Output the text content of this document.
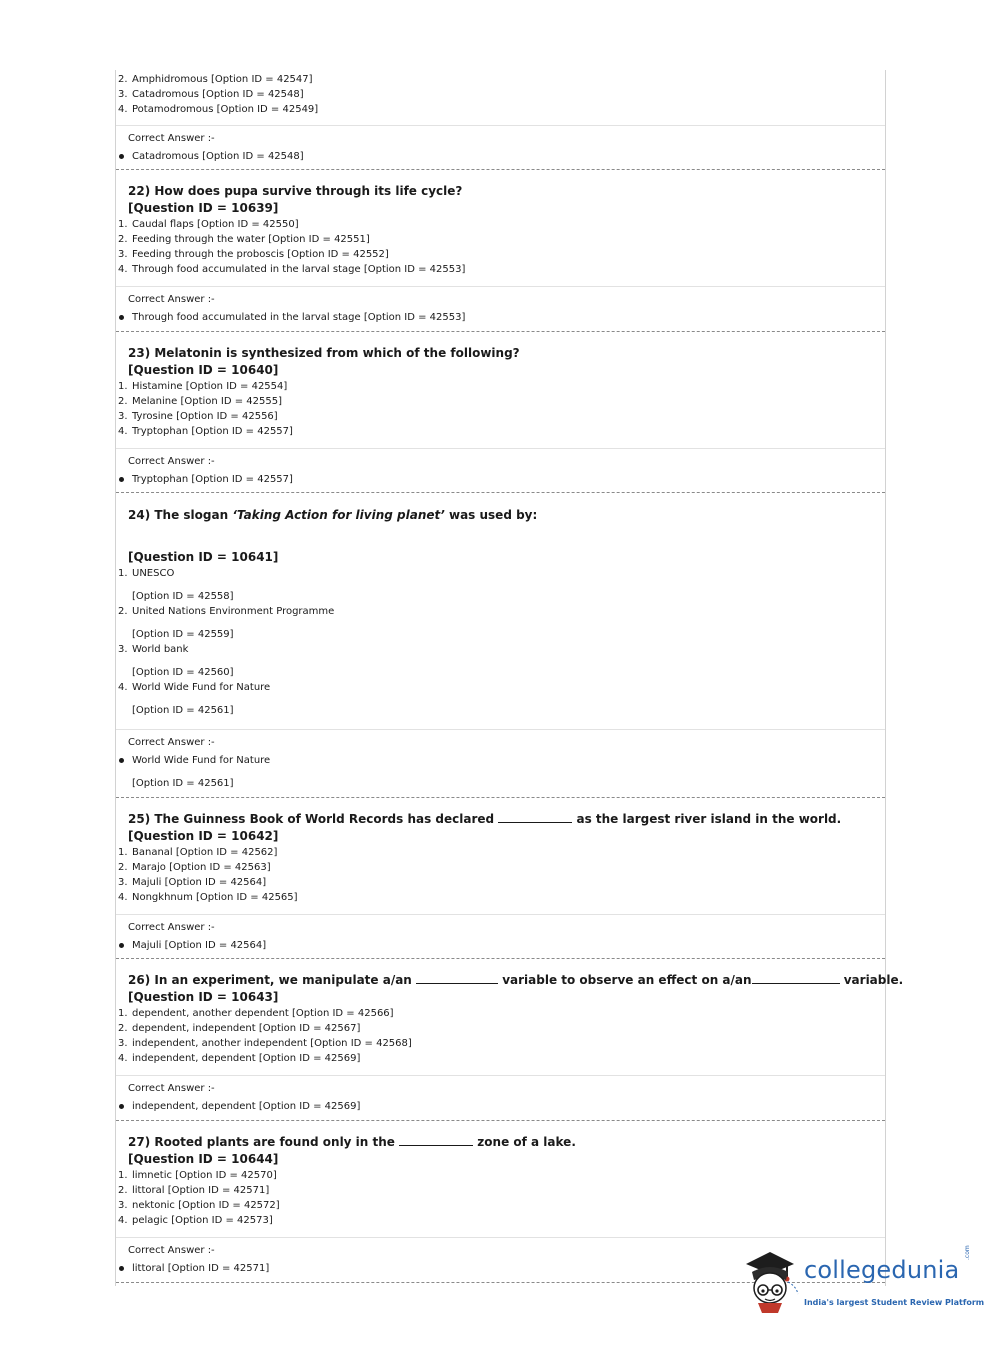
2. Amphidromous [Option ID = 42547]
3. Catadromous [Option ID = 42548]
4. Potamodromous [Option ID = 42549]
Correct Answer :-
Catadromous [Option ID = 42548]
22) How does pupa survive through its life cycle?
[Question ID = 10639]
1. Caudal flaps [Option ID = 42550]
2. Feeding through the water [Option ID = 42551]
3. Feeding through the proboscis [Option ID = 42552]
4. Through food accumulated in the larval stage [Option ID = 42553]
Correct Answer :-
Through food accumulated in the larval stage [Option ID = 42553]
23) Melatonin is synthesized from which of the following?
[Question ID = 10640]
1. Histamine [Option ID = 42554]
2. Melanine [Option ID = 42555]
3. Tyrosine [Option ID = 42556]
4. Tryptophan [Option ID = 42557]
Correct Answer :-
Tryptophan [Option ID = 42557]
24) The slogan ‘Taking Action for living planet’ was used by:
[Question ID = 10641]
1. UNESCO
[Option ID = 42558]
2. United Nations Environment Programme
[Option ID = 42559]
3. World bank
[Option ID = 42560]
4. World Wide Fund for Nature
[Option ID = 42561]
Correct Answer :-
World Wide Fund for Nature
[Option ID = 42561]
25) The Guinness Book of World Records has declared	as the largest river island in the world.
[Question ID = 10642]
1. Bananal [Option ID = 42562]
2. Marajo [Option ID = 42563]
3. Majuli [Option ID = 42564]
4. Nongkhnum [Option ID = 42565]
Correct Answer :-
Majuli [Option ID = 42564]
26) In an experiment, we manipulate a/an	variable to observe an effect on a/an	variable.
[Question ID = 10643]
1. dependent, another dependent [Option ID = 42566]
2. dependent, independent [Option ID = 42567]
3. independent, another independent [Option ID = 42568]
4. independent, dependent [Option ID = 42569]
Correct Answer :-
independent, dependent [Option ID = 42569]
27) Rooted plants are found only in the	zone of a lake.
[Question ID = 10644]
1. limnetic [Option ID = 42570]
2. littoral [Option ID = 42571]
3. nektonic [Option ID = 42572]
4. pelagic [Option ID = 42573]
Correct Answer :-
littoral [Option ID = 42571]	collegedunia
.com
India's largest Student Review Platform
